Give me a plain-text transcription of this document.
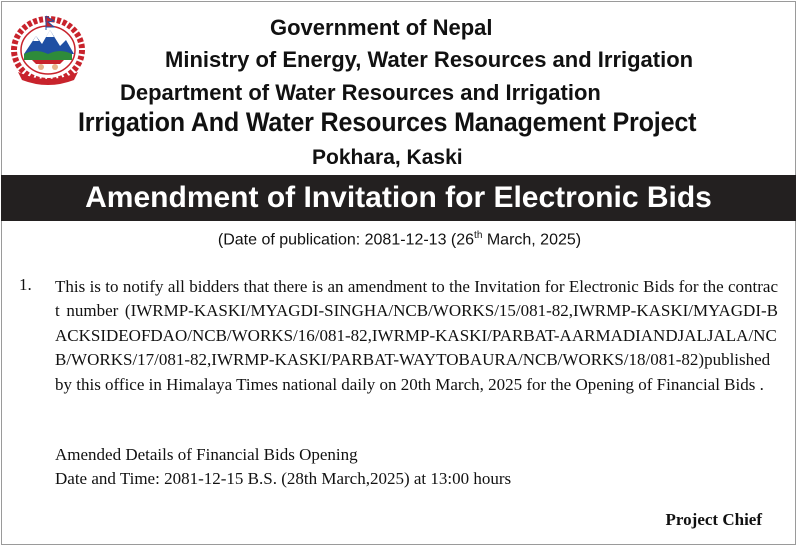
Government of Nepal
Ministry of Energy, Water Resources and Irrigation
Department of Water Resources and Irrigation
Irrigation And Water Resources Management Project
Pokhara, Kaski
Amendment of Invitation for Electronic Bids
(Date of publication: 2081-12-13 (26th March, 2025)
1. This is to notify all bidders that there is an amendment to the Invitation for Electronic Bids for the contract number (IWRMP-KASKI/MYAGDI-SINGHA/NCB/WORKS/15/081-82,IWRMP-KASKI/MYAGDI-BACKSIDEOFDAO/NCB/WORKS/16/081-82,IWRMP-KASKI/PARBAT-AARMADIANDJALJALA/NCB/WORKS/17/081-82,IWRMP-KASKI/PARBAT-WAYTOBAURA/NCB/WORKS/18/081-82)published by this office in Himalaya Times national daily on 20th March, 2025 for the Opening of Financial Bids .
Amended Details of Financial Bids Opening
Date and Time: 2081-12-15 B.S. (28th March,2025) at 13:00 hours
Project Chief
